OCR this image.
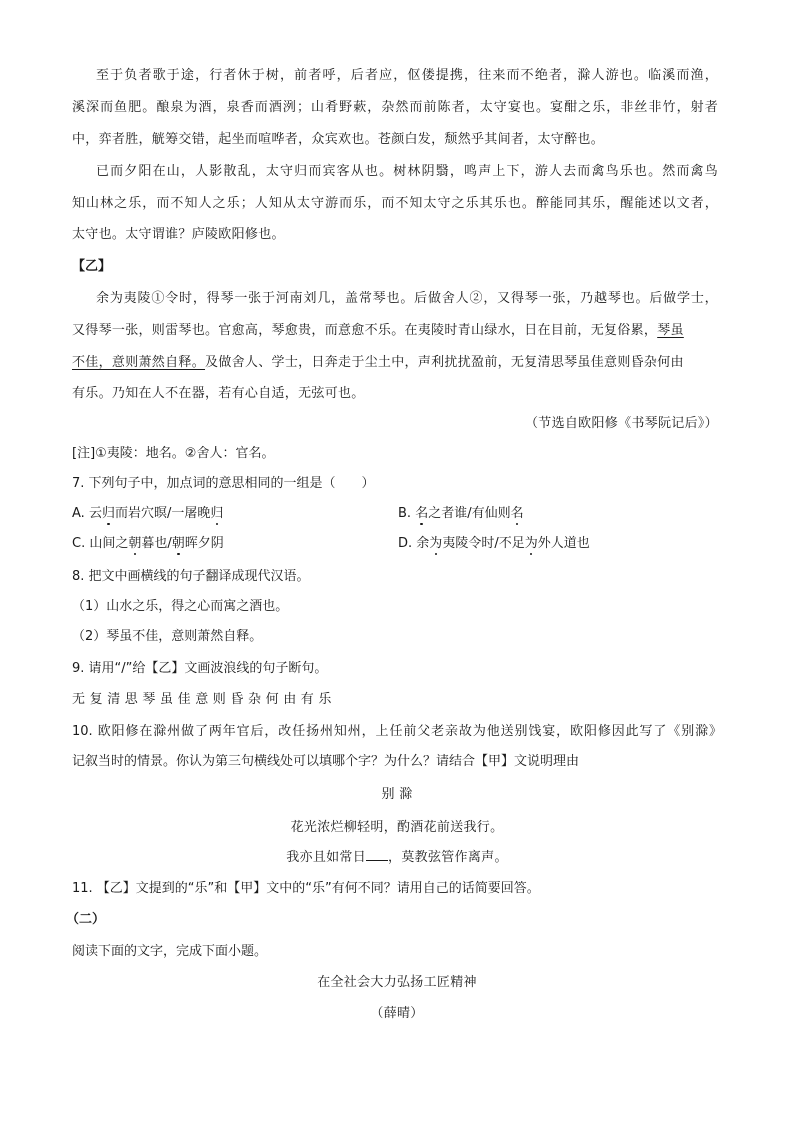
至于负者歌于途，行者休于树，前者呼，后者应，伛偻提携，往来而不绝者，滁人游也。临溪而渔，
溪深而鱼肥。酿泉为酒，泉香而酒洌；山肴野蔌，杂然而前陈者，太守宴也。宴酣之乐，非丝非竹，射者
中，弈者胜，觥筹交错，起坐而喧哗者，众宾欢也。苍颜白发，颓然乎其间者，太守醉也。
已而夕阳在山，人影散乱，太守归而宾客从也。树林阴翳，鸣声上下，游人去而禽鸟乐也。然而禽鸟
知山林之乐，而不知人之乐；人知从太守游而乐，而不知太守之乐其乐也。醉能同其乐，醒能述以文者，
太守也。太守谓谁？庐陵欧阳修也。
【乙】
余为夷陵①令时，得琴一张于河南刘几，盖常琴也。后做舍人②，又得琴一张，乃越琴也。后做学士，
又得琴一张，则雷琴也。官愈高，琴愈贵，而意愈不乐。在夷陵时青山绿水，日在目前，无复俗累，琴虽
不佳，意则萧然自释。及做舍人、学士，日奔走于尘土中，声利扰扰盈前，无复清思琴虽佳意则昏杂何由
有乐。乃知在人不在器，若有心自适，无弦可也。
（节选自欧阳修《书琴阮记后》）
[注]①夷陵：地名。②舍人：官名。
7. 下列句子中，加点词的意思相同的一组是（　　）
A. 云归而岩穴暝/一屠晚归	B. 名之者谁/有仙则名
C. 山间之朝暮也/朝晖夕阴	D. 余为夷陵令时/不足为外人道也
8. 把文中画横线的句子翻译成现代汉语。
（1）山水之乐，得之心而寓之酒也。
（2）琴虽不佳，意则萧然自释。
9. 请用“/”给【乙】文画波浪线的句子断句。
无复清思琴虽佳意则昏杂何由有乐
10. 欧阳修在滁州做了两年官后，改任扬州知州，上任前父老亲故为他送别饯宴，欧阳修因此写了《别滁》
记叙当时的情景。你认为第三句横线处可以填哪个字？为什么？请结合【甲】文说明理由
别 滁
花光浓烂柳轻明，酌酒花前送我行。
我亦且如常日 ，莫教弦管作离声。
11. 【乙】文提到的“乐”和【甲】文中的“乐”有何不同？请用自己的话简要回答。
（二）
阅读下面的文字，完成下面小题。
在全社会大力弘扬工匠精神
（薛晴）
